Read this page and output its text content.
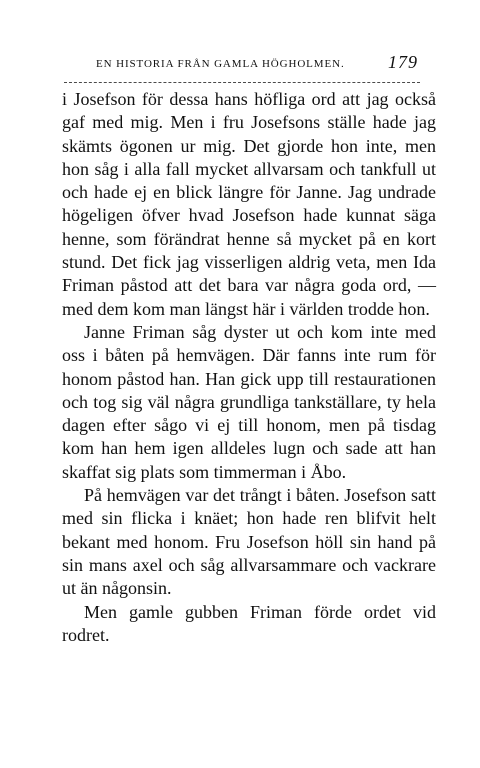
EN HISTORIA FRÅN GAMLA HÖGHOLMEN. 179

i Josefson för dessa hans höfliga ord att jag också gaf med mig. Men i fru Josefsons ställe hade jag skämts ögonen ur mig. Det gjorde hon inte, men hon såg i alla fall mycket allvarsam och tankfull ut och hade ej en blick längre för Janne. Jag undrade högeligen öfver hvad Josefson hade kunnat säga henne, som förändrat henne så mycket på en kort stund. Det fick jag visserligen aldrig veta, men Ida Friman påstod att det bara var några goda ord, — med dem kom man längst här i världen trodde hon.

Janne Friman såg dyster ut och kom inte med oss i båten på hemvägen. Där fanns inte rum för honom påstod han. Han gick upp till restaurationen och tog sig väl några grundliga tankställare, ty hela dagen efter sågo vi ej till honom, men på tisdag kom han hem igen alldeles lugn och sade att han skaffat sig plats som timmerman i Åbo.

På hemvägen var det trångt i båten. Josefson satt med sin flicka i knäet; hon hade ren blifvit helt bekant med honom. Fru Josefson höll sin hand på sin mans axel och såg allvarsammare och vackrare ut än någonsin.

Men gamle gubben Friman förde ordet vid rodret.
